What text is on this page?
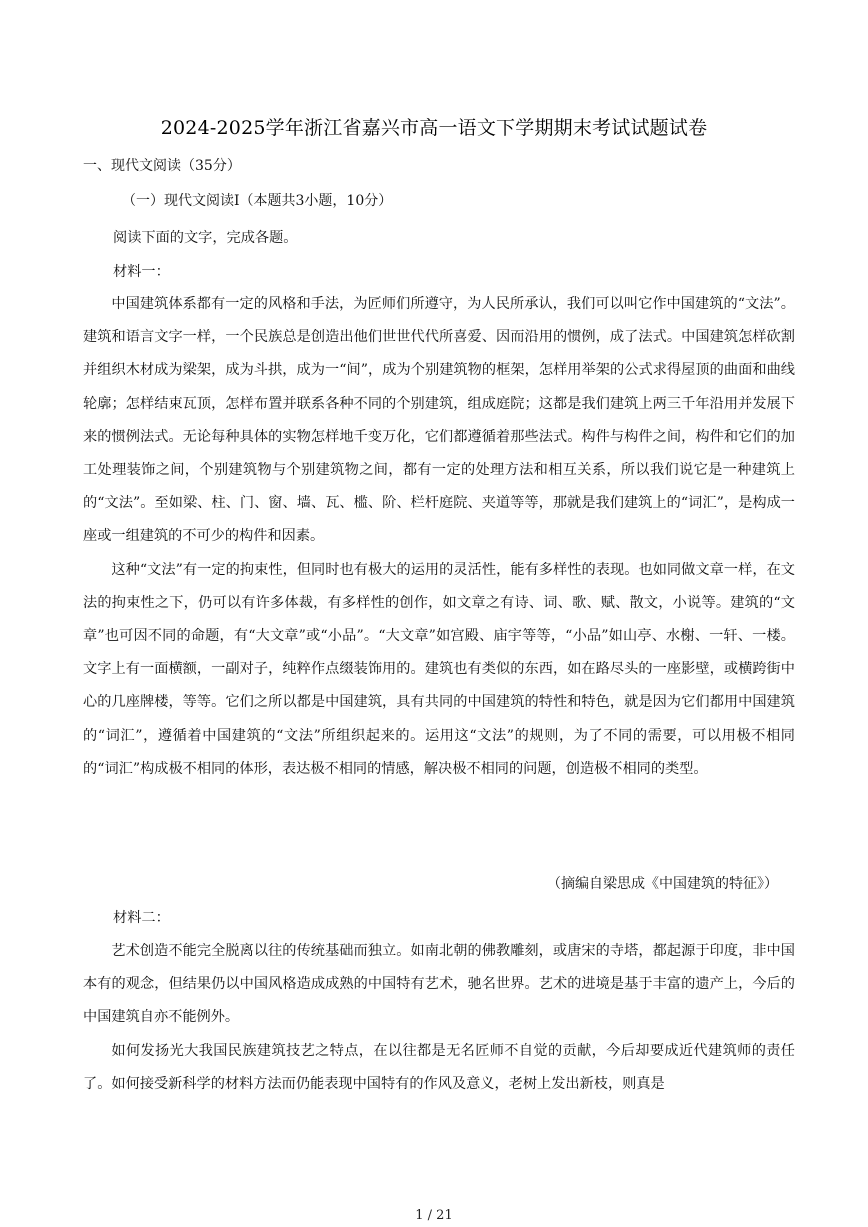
2024-2025学年浙江省嘉兴市高一语文下学期期末考试试题试卷
一、现代文阅读（35分）
（一）现代文阅读Ⅰ（本题共3小题，10分）
阅读下面的文字，完成各题。
材料一：

中国建筑体系都有一定的风格和手法，为匠师们所遵守，为人民所承认，我们可以叫它作中国建筑的“文法”。建筑和语言文字一样，一个民族总是创造出他们世世代代所喜爱、因而沿用的惯例，成了法式。中国建筑怎样砍割并组织木材成为梁架，成为斗拱，成为一“间”，成为个别建筑物的框架，怎样用举架的公式求得屋顶的曲面和曲线轮廓；怎样结束瓦顶，怎样布置并联系各种不同的个别建筑，组成庭院；这都是我们建筑上两三千年沿用并发展下来的惯例法式。无论每种具体的实物怎样地千变万化，它们都遵循着那些法式。构件与构件之间，构件和它们的加工处理装饰之间，个别建筑物与个别建筑物之间，都有一定的处理方法和相互关系，所以我们说它是一种建筑上的“文法”。至如梁、柱、门、窗、墙、瓦、槛、阶、栏杆庭院、夹道等等，那就是我们建筑上的“词汇”，是构成一座或一组建筑的不可少的构件和因素。

这种“文法”有一定的拘束性，但同时也有极大的运用的灵活性，能有多样性的表现。也如同做文章一样，在文法的拘束性之下，仍可以有许多体裁，有多样性的创作，如文章之有诗、词、歌、赋、散文，小说等。建筑的“文章”也可因不同的命题，有“大文章”或“小品”。“大文章”如宫殿、庙宇等等，“小品”如山亭、水榭、一轩、一楼。文字上有一面横额，一副对子，纯粹作点缀装饰用的。建筑也有类似的东西，如在路尽头的一座影壁，或横跨街中心的几座牌楼，等等。它们之所以都是中国建筑，具有共同的中国建筑的特性和特色，就是因为它们都用中国建筑的“词汇”，遵循着中国建筑的“文法”所组织起来的。运用这“文法”的规则，为了不同的需要，可以用极不相同的“词汇”构成极不相同的体形，表达极不相同的情感，解决极不相同的问题，创造极不相同的类型。

（摘编自梁思成《中国建筑的特征》）
材料二：

艺术创造不能完全脱离以往的传统基础而独立。如南北朝的佛教雕刻，或唐宋的寺塔，都起源于印度，非中国本有的观念，但结果仍以中国风格造成成熟的中国特有艺术，驰名世界。艺术的进境是基于丰富的遗产上，今后的中国建筑自亦不能例外。

如何发扬光大我国民族建筑技艺之特点，在以往都是无名匠师不自觉的贡献，今后却要成近代建筑师的责任了。如何接受新科学的材料方法而仍能表现中国特有的作风及意义，老树上发出新枝，则真是

1 / 21
